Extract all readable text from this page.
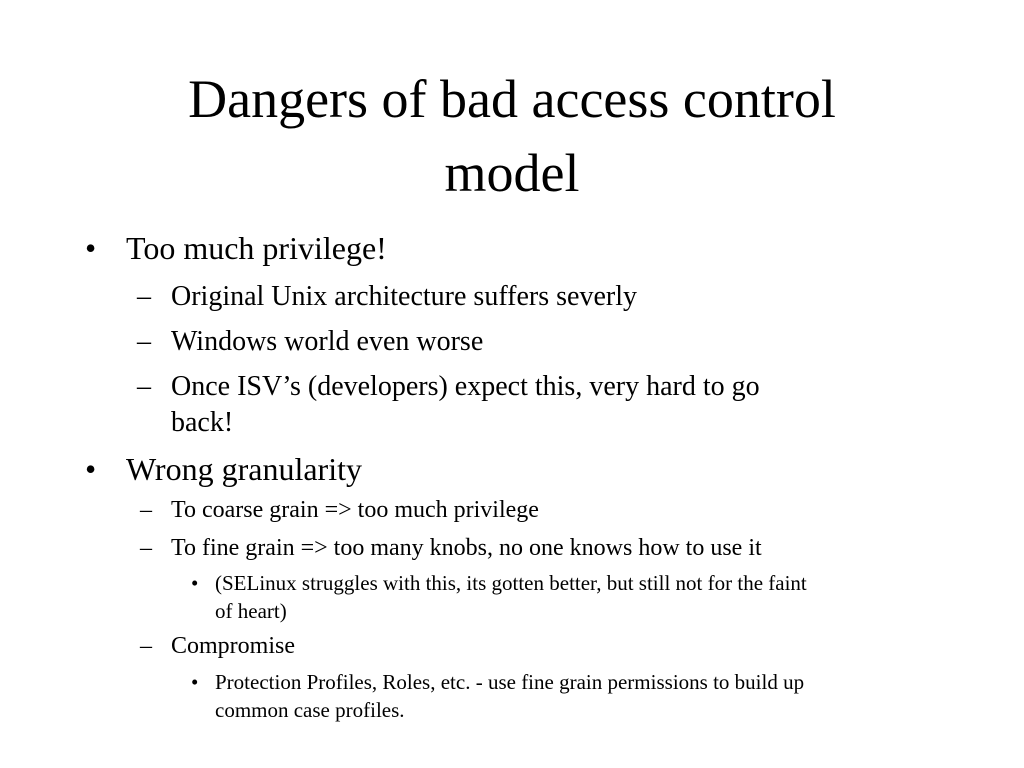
Dangers of bad access control
model
• Too much privilege!
– Original Unix architecture suffers severly
– Windows world even worse
– Once ISV’s (developers) expect this, very hard to go
back!
• Wrong granularity
– To coarse grain => too much privilege
– To fine grain => too many knobs, no one knows how to use it
• (SELinux struggles with this, its gotten better, but still not for the faint
of heart)
– Compromise
• Protection Profiles, Roles, etc. - use fine grain permissions to build up
common case profiles.
